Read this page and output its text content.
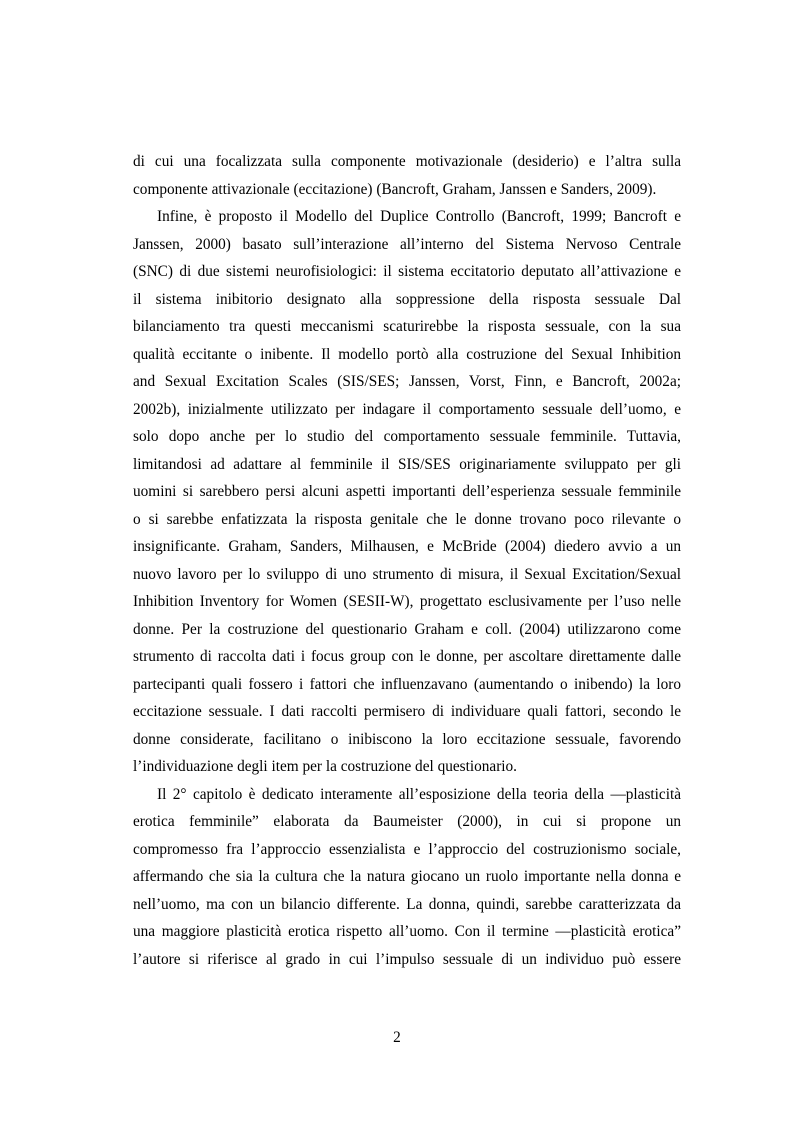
di cui una focalizzata sulla componente motivazionale (desiderio) e l’altra sulla
componente attivazionale (eccitazione) (Bancroft, Graham, Janssen e Sanders, 2009).
Infine, è proposto il Modello del Duplice Controllo (Bancroft, 1999; Bancroft e
Janssen, 2000) basato sull’interazione all’interno del Sistema Nervoso Centrale
(SNC) di due sistemi neurofisiologici: il sistema eccitatorio deputato all’attivazione e
il sistema inibitorio designato alla soppressione della risposta sessuale Dal
bilanciamento tra questi meccanismi scaturirebbe la risposta sessuale, con la sua
qualità eccitante o inibente. Il modello portò alla costruzione del Sexual Inhibition
and Sexual Excitation Scales (SIS/SES; Janssen, Vorst, Finn, e Bancroft, 2002a;
2002b), inizialmente utilizzato per indagare il comportamento sessuale dell’uomo, e
solo dopo anche per lo studio del comportamento sessuale femminile. Tuttavia,
limitandosi ad adattare al femminile il SIS/SES originariamente sviluppato per gli
uomini si sarebbero persi alcuni aspetti importanti dell’esperienza sessuale femminile
o si sarebbe enfatizzata la risposta genitale che le donne trovano poco rilevante o
insignificante. Graham, Sanders, Milhausen, e McBride (2004) diedero avvio a un
nuovo lavoro per lo sviluppo di uno strumento di misura, il Sexual Excitation/Sexual
Inhibition Inventory for Women (SESII-W), progettato esclusivamente per l’uso nelle
donne. Per la costruzione del questionario Graham e coll. (2004) utilizzarono come
strumento di raccolta dati i focus group con le donne, per ascoltare direttamente dalle
partecipanti quali fossero i fattori che influenzavano (aumentando o inibendo) la loro
eccitazione sessuale. I dati raccolti permisero di individuare quali fattori, secondo le
donne considerate, facilitano o inibiscono la loro eccitazione sessuale, favorendo
l’individuazione degli item per la costruzione del questionario.
Il 2° capitolo è dedicato interamente all’esposizione della teoria della ―plasticità
erotica femminile” elaborata da Baumeister (2000), in cui si propone un
compromesso fra l’approccio essenzialista e l’approccio del costruzionismo sociale,
affermando che sia la cultura che la natura giocano un ruolo importante nella donna e
nell’uomo, ma con un bilancio differente. La donna, quindi, sarebbe caratterizzata da
una maggiore plasticità erotica rispetto all’uomo. Con il termine ―plasticità erotica”
l’autore si riferisce al grado in cui l’impulso sessuale di un individuo può essere
2
